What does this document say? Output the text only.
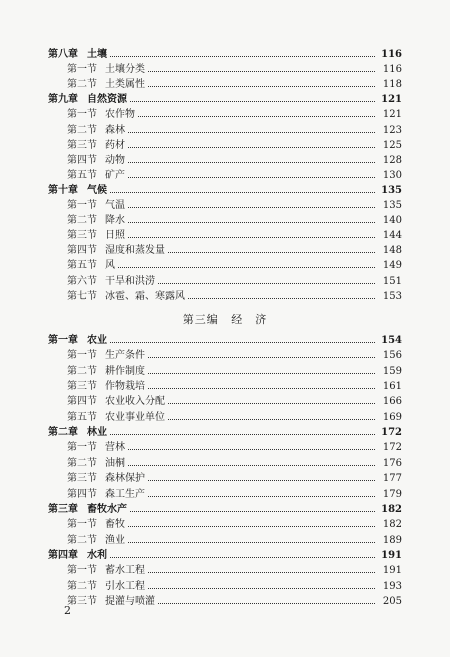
第八章 土壤	116
第一节 土壤分类	116
第二节 土类属性	118
第九章 自然资源	121
第一节 农作物	121
第二节 森林	123
第三节 药材	125
第四节 动物	128
第五节 矿产	130
第十章 气候	135
第一节 气温	135
第二节 降水	140
第三节 日照	144
第四节 湿度和蒸发量	148
第五节 风	149
第六节 干旱和洪涝	151
第七节 冰雹、霜、寒露风	153
第三编 经　济
第一章 农业	154
第一节 生产条件	156
第二节 耕作制度	159
第三节 作物栽培	161
第四节 农业收入分配	166
第五节 农业事业单位	169
第二章 林业	172
第一节 营林	172
第二节 油桐	176
第三节 森林保护	177
第四节 森工生产	179
第三章 畜牧水产	182
第一节 畜牧	182
第二节 渔业	189
第四章 水利	191
第一节 蓄水工程	191
第二节 引水工程	193
第三节 提灌与喷灌	205
2
